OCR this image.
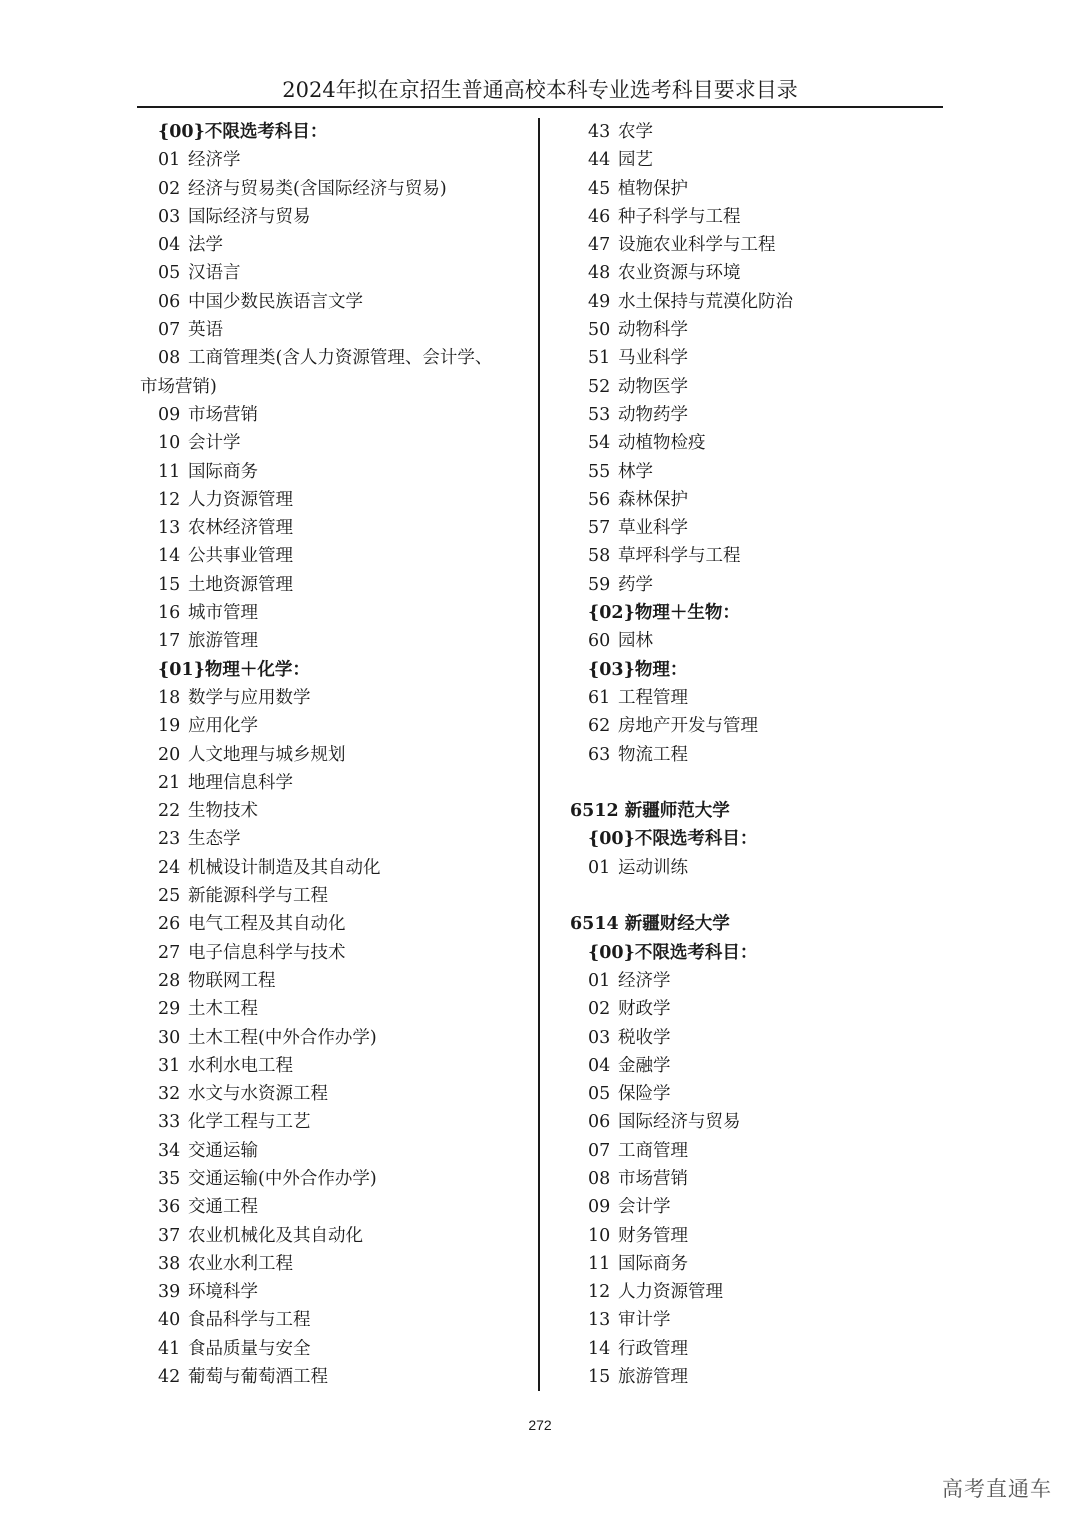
2024年拟在京招生普通高校本科专业选考科目要求目录
{00}不限选考科目：
01 经济学
02 经济与贸易类(含国际经济与贸易)
03 国际经济与贸易
04 法学
05 汉语言
06 中国少数民族语言文学
07 英语
08 工商管理类(含人力资源管理、会计学、
市场营销)
09 市场营销
10 会计学
11 国际商务
12 人力资源管理
13 农林经济管理
14 公共事业管理
15 土地资源管理
16 城市管理
17 旅游管理
{01}物理＋化学：
18 数学与应用数学
19 应用化学
20 人文地理与城乡规划
21 地理信息科学
22 生物技术
23 生态学
24 机械设计制造及其自动化
25 新能源科学与工程
26 电气工程及其自动化
27 电子信息科学与技术
28 物联网工程
29 土木工程
30 土木工程(中外合作办学)
31 水利水电工程
32 水文与水资源工程
33 化学工程与工艺
34 交通运输
35 交通运输(中外合作办学)
36 交通工程
37 农业机械化及其自动化
38 农业水利工程
39 环境科学
40 食品科学与工程
41 食品质量与安全
42 葡萄与葡萄酒工程
43 农学
44 园艺
45 植物保护
46 种子科学与工程
47 设施农业科学与工程
48 农业资源与环境
49 水土保持与荒漠化防治
50 动物科学
51 马业科学
52 动物医学
53 动物药学
54 动植物检疫
55 林学
56 森林保护
57 草业科学
58 草坪科学与工程
59 药学
{02}物理＋生物：
60 园林
{03}物理：
61 工程管理
62 房地产开发与管理
63 物流工程
6512 新疆师范大学
{00}不限选考科目：
01 运动训练
6514 新疆财经大学
{00}不限选考科目：
01 经济学
02 财政学
03 税收学
04 金融学
05 保险学
06 国际经济与贸易
07 工商管理
08 市场营销
09 会计学
10 财务管理
11 国际商务
12 人力资源管理
13 审计学
14 行政管理
15 旅游管理
272
高考直通车
